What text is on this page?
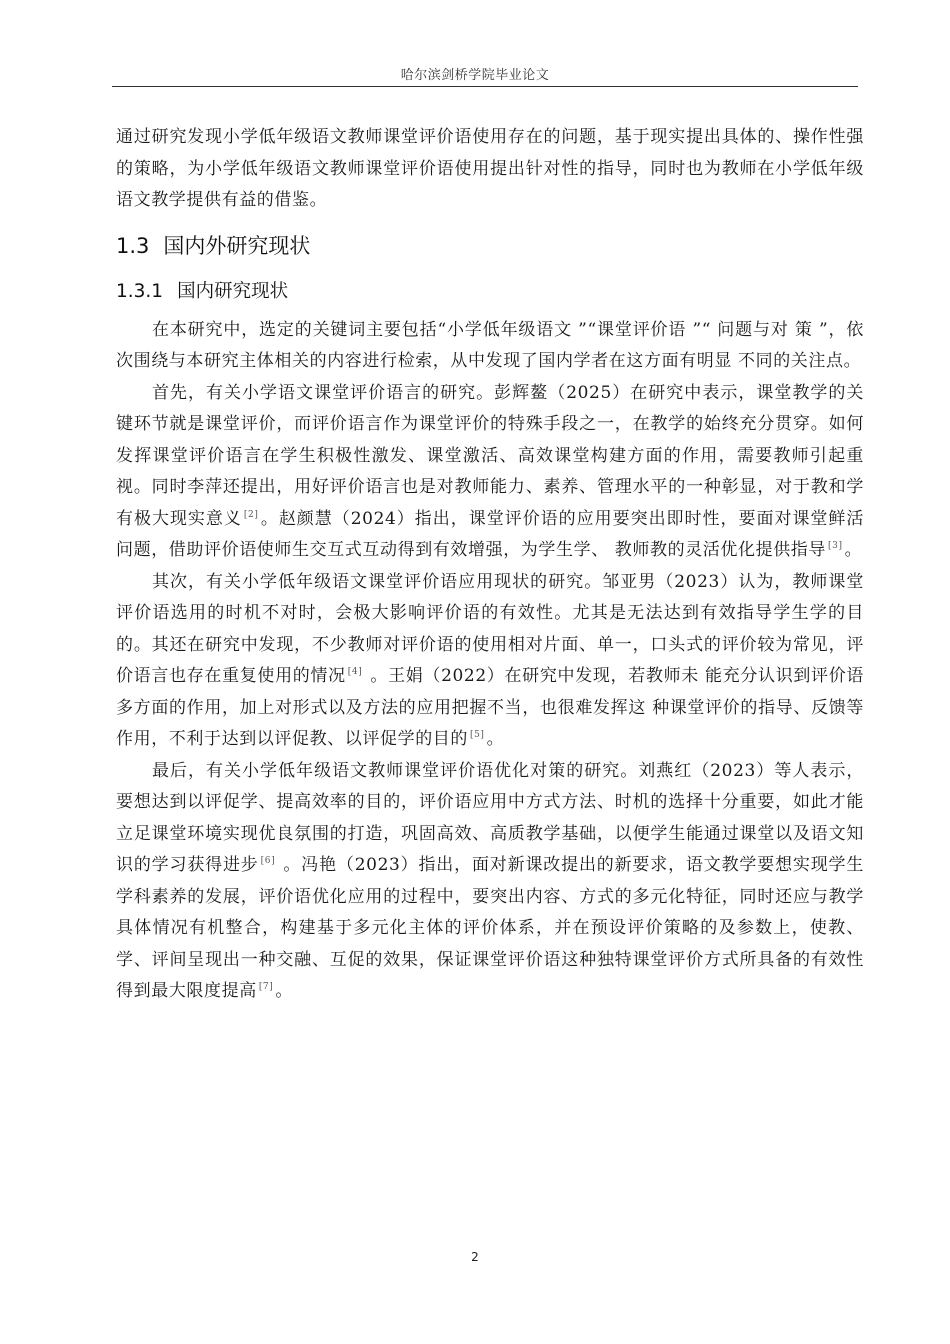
哈尔滨剑桥学院毕业论文

通过研究发现小学低年级语文教师课堂评价语使用存在的问题，基于现实提出具体的、操作性强的策略，为小学低年级语文教师课堂评价语使用提出针对性的指导，同时也为教师在小学低年级语文教学提供有益的借鉴。

1.3 国内外研究现状
1.3.1 国内研究现状

在本研究中，选定的关键词主要包括“小学低年级语文 ”“课堂评价语 ”“ 问题与对 策 ”，依次围绕与本研究主体相关的内容进行检索，从中发现了国内学者在这方面有明显 不同的关注点。

首先，有关小学语文课堂评价语言的研究。彭辉鳌（2025）在研究中表示，课堂教学的关键环节就是课堂评价，而评价语言作为课堂评价的特殊手段之一，在教学的始终充分贯穿。如何发挥课堂评价语言在学生积极性激发、课堂激活、高效课堂构建方面的作用，需要教师引起重视。同时李萍还提出，用好评价语言也是对教师能力、素养、管理水平的一种彰显，对于教和学有极大现实意义 [2] 。赵颜慧（2024）指出，课堂评价语的应用要突出即时性，要面对课堂鲜活问题，借助评价语使师生交互式互动得到有效增强，为学生学、 教师教的灵活优化提供指导 [3] 。

其次，有关小学低年级语文课堂评价语应用现状的研究。邹亚男（2023）认为，教师课堂评价语选用的时机不对时，会极大影响评价语的有效性。尤其是无法达到有效指导学生学的目的。其还在研究中发现，不少教师对评价语的使用相对片面、单一，口头式的评价较为常见，评价语言也存在重复使用的情况 [4] 。王娟（2022）在研究中发现，若教师未 能充分认识到评价语多方面的作用，加上对形式以及方法的应用把握不当，也很难发挥这 种课堂评价的指导、反馈等作用，不利于达到以评促教、以评促学的目的 [5] 。

最后，有关小学低年级语文教师课堂评价语优化对策的研究。刘燕红（2023）等人表示，要想达到以评促学、提高效率的目的，评价语应用中方式方法、时机的选择十分重要，如此才能立足课堂环境实现优良氛围的打造，巩固高效、高质教学基础，以便学生能通过课堂以及语文知识的学习获得进步 [6] 。冯艳（2023）指出，面对新课改提出的新要求，语文教学要想实现学生学科素养的发展，评价语优化应用的过程中，要突出内容、方式的多元化特征，同时还应与教学具体情况有机整合，构建基于多元化主体的评价体系，并在预设评价策略的及参数上，使教、学、评间呈现出一种交融、互促的效果，保证课堂评价语这种独特课堂评价方式所具备的有效性得到最大限度提高 [7] 。

2
